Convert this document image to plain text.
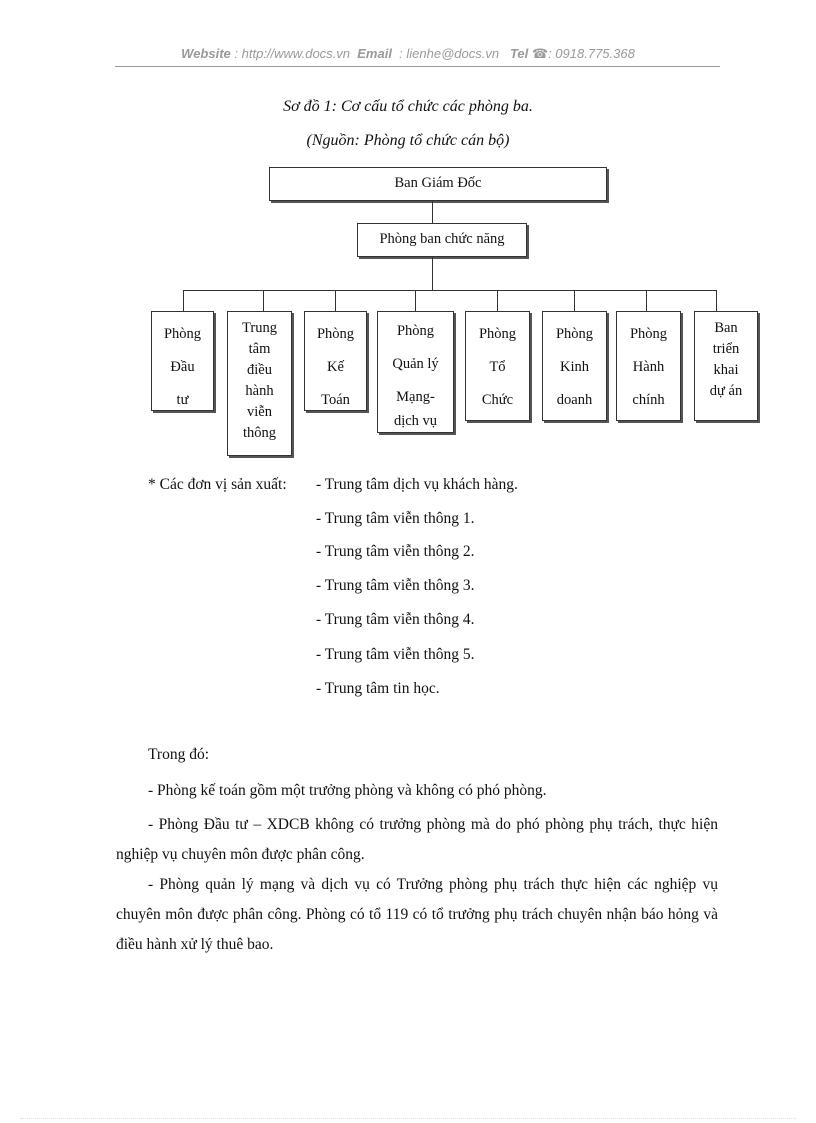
Website : http://www.docs.vn Email : lienhe@docs.vn Tel ☎: 0918.775.368
Sơ đồ 1: Cơ cấu tổ chức các phòng ba.
(Nguồn: Phòng tổ chức cán bộ)
Ban Giám Đốc
Phòng ban chức năng
Phòng
Đầu
tư
Trung
tâm
điều
hành
viễn
thông
Phòng
Kế
Toán
Phòng
Quản lý
Mạng-
dịch vụ
Phòng
Tổ
Chức
Phòng
Kinh
doanh
Phòng
Hành
chính
Ban
triển
khai
dự án
* Các đơn vị sản xuất: - Trung tâm dịch vụ khách hàng.
- Trung tâm viễn thông 1.
- Trung tâm viễn thông 2.
- Trung tâm viễn thông 3.
- Trung tâm viễn thông 4.
- Trung tâm viễn thông 5.
- Trung tâm tin học.
Trong đó:
- Phòng kế toán gồm một trưởng phòng và không có phó phòng.
- Phòng Đầu tư – XDCB không có trưởng phòng mà do phó phòng phụ trách, thực hiện nghiệp vụ chuyên môn được phân công.
- Phòng quản lý mạng và dịch vụ có Trưởng phòng phụ trách thực hiện các nghiệp vụ chuyên môn được phân công. Phòng có tổ 119 có tổ trưởng phụ trách chuyên nhận báo hỏng và điều hành xử lý thuê bao.
